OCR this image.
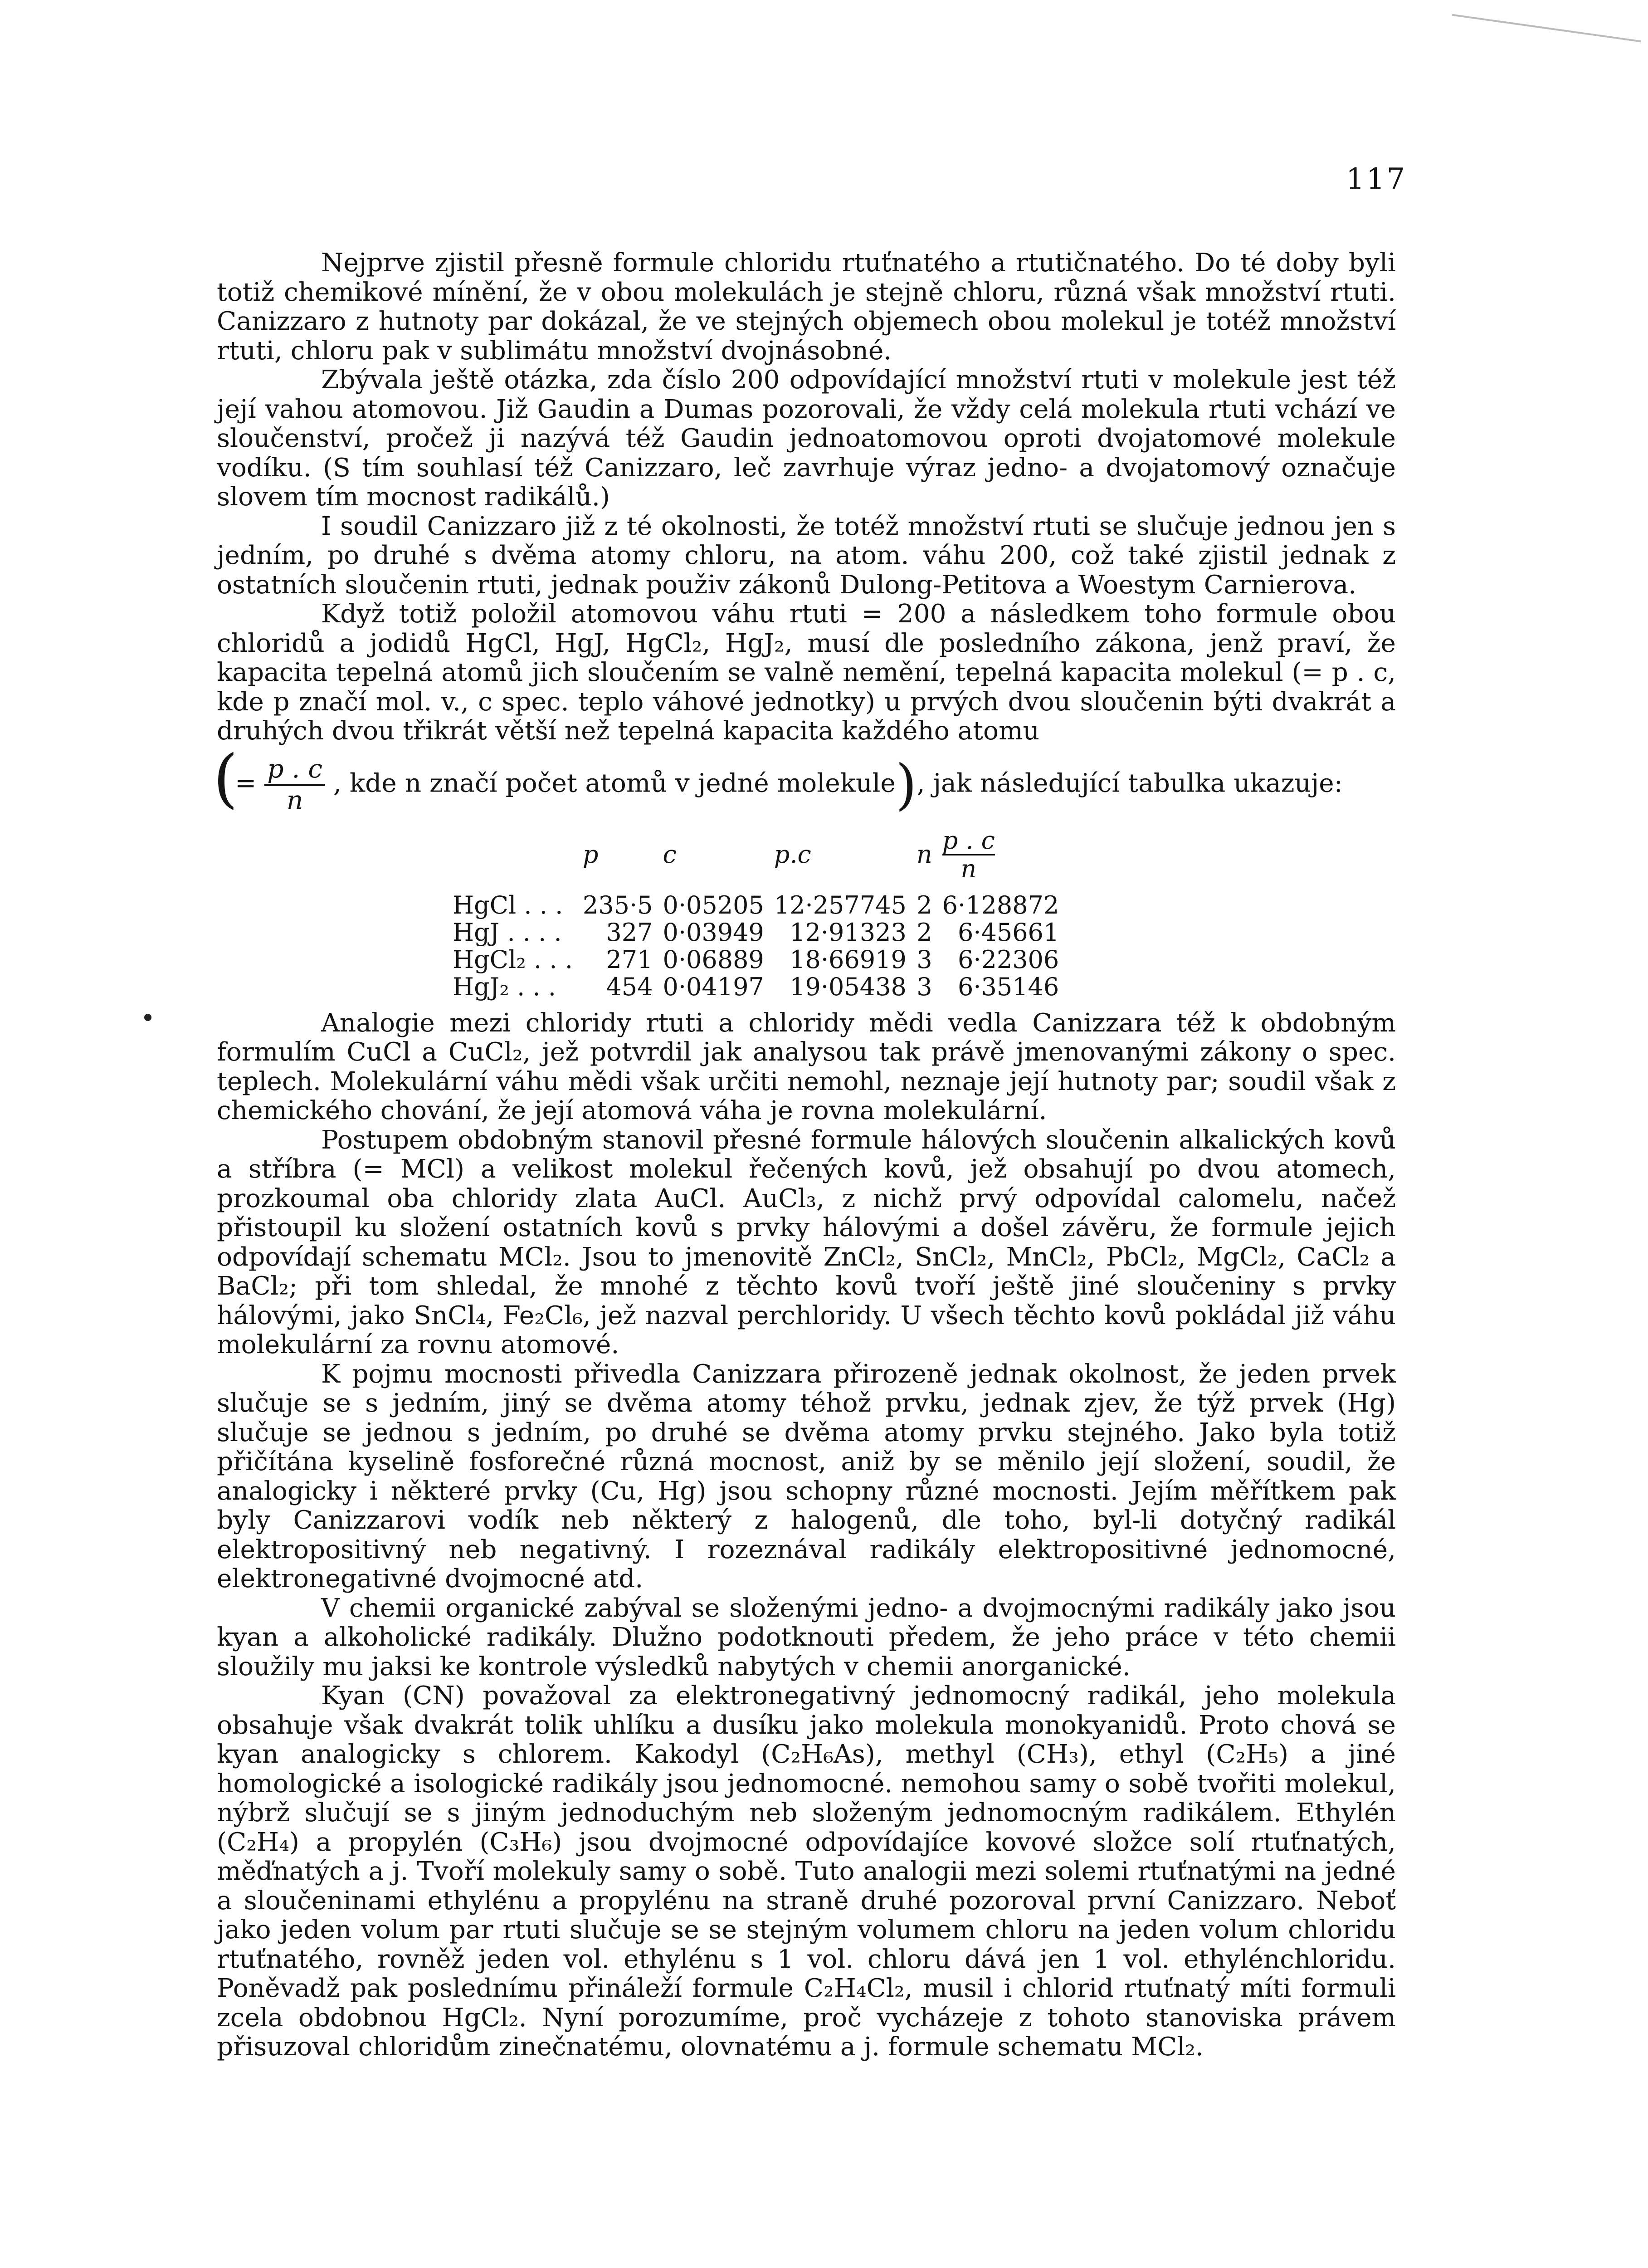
117

Nejprve zjistil přesně formule chloridu rtuťnatého a rtutičnatého. Do té doby byli totiž chemikové mínění, že v obou molekulách je stejně chloru, různá však množství rtuti. Canizzaro z hutnoty par dokázal, že ve stejných objemech obou molekul je totéž množství rtuti, chloru pak v sublimátu množství dvojnásobné.

Zbývala ještě otázka, zda číslo 200 odpovídající množství rtuti v molekule jest též její vahou atomovou. Již Gaudin a Dumas pozorovali, že vždy celá molekula rtuti vchází ve sloučenství, pročež ji nazývá též Gaudin jednoatomovou oproti dvojatomové molekule vodíku. (S tím souhlasí též Canizzaro, leč zavrhuje výraz jedno- a dvojatomový označuje slovem tím mocnost radikálů.)

I soudil Canizzaro již z té okolnosti, že totéž množství rtuti se slučuje jednou jen s jedním, po druhé s dvěma atomy chloru, na atom. váhu 200, což také zjistil jednak z ostatních sloučenin rtuti, jednak použiv zákonů Dulong-Petitova a Woestym Carnierova.

Když totiž položil atomovou váhu rtuti = 200 a následkem toho formule obou chloridů a jodidů HgCl, HgJ, HgCl₂, HgJ₂, musí dle posledního zákona, jenž praví, že kapacita tepelná atomů jich sloučením se valně nemění, tepelná kapacita molekul (= p . c, kde p značí mol. v., c spec. teplo váhové jednotky) u prvých dvou sloučenin býti dvakrát a druhých dvou třikrát větší než tepelná kapacita každého atomu

(
= $\frac{p . c}{n}$ , kde n značí počet atomů v jedné molekule), jak následující tabulka ukazuje:
	p	c	p.c	n	$\frac{p . c}{n}$

HgCl . . .	235·5	0·05205	12·257745	2	6·128872
HgJ . . . .	327	0·03949	12·91323	2	6·45661
HgCl₂ . . .	271	0·06889	18·66919	3	6·22306
HgJ₂ . . .	454	0·04197	19·05438	3	6·35146

Analogie mezi chloridy rtuti a chloridy mědi vedla Canizzara též k obdobným formulím CuCl a CuCl₂, jež potvrdil jak analysou tak právě jmenovanými zákony o spec. teplech. Molekulární váhu mědi však určiti nemohl, neznaje její hutnoty par; soudil však z chemického chování, že její atomová váha je rovna molekulární.

Postupem obdobným stanovil přesné formule hálových sloučenin alkalických kovů a stříbra (= MCl) a velikost molekul řečených kovů, jež obsahují po dvou atomech, prozkoumal oba chloridy zlata AuCl. AuCl₃, z nichž prvý odpovídal calomelu, načež přistoupil ku složení ostatních kovů s prvky hálovými a došel závěru, že formule jejich odpovídají schematu MCl₂. Jsou to jmenovitě ZnCl₂, SnCl₂, MnCl₂, PbCl₂, MgCl₂, CaCl₂ a BaCl₂; při tom shledal, že mnohé z těchto kovů tvoří ještě jiné sloučeniny s prvky hálovými, jako SnCl₄, Fe₂Cl₆, jež nazval perchloridy. U všech těchto kovů pokládal již váhu molekulární za rovnu atomové.

K pojmu mocnosti přivedla Canizzara přirozeně jednak okolnost, že jeden prvek slučuje se s jedním, jiný se dvěma atomy téhož prvku, jednak zjev, že týž prvek (Hg) slučuje se jednou s jedním, po druhé se dvěma atomy prvku stejného. Jako byla totiž přičítána kyselině fosforečné různá mocnost, aniž by se měnilo její složení, soudil, že analogicky i některé prvky (Cu, Hg) jsou schopny různé mocnosti. Jejím měřítkem pak byly Canizzarovi vodík neb některý z halogenů, dle toho, byl-li dotyčný radikál elektropositivný neb negativný. I rozeznával radikály elektropositivné jednomocné, elektronegativné dvojmocné atd.

V chemii organické zabýval se složenými jedno- a dvojmocnými radikály jako jsou kyan a alkoholické radikály. Dlužno podotknouti předem, že jeho práce v této chemii sloužily mu jaksi ke kontrole výsledků nabytých v chemii anorganické.

Kyan (CN) považoval za elektronegativný jednomocný radikál, jeho molekula obsahuje však dvakrát tolik uhlíku a dusíku jako molekula monokyanidů. Proto chová se kyan analogicky s chlorem. Kakodyl (C₂H₆As), methyl (CH₃), ethyl (C₂H₅) a jiné homologické a isologické radikály jsou jednomocné. nemohou samy o sobě tvořiti molekul, nýbrž slučují se s jiným jednoduchým neb složeným jednomocným radikálem. Ethylén (C₂H₄) a propylén (C₃H₆) jsou dvojmocné odpovídajíce kovové složce solí rtuťnatých, měďnatých a j. Tvoří molekuly samy o sobě. Tuto analogii mezi solemi rtuťnatými na jedné a sloučeninami ethylénu a propylénu na straně druhé pozoroval první Canizzaro. Neboť jako jeden volum par rtuti slučuje se se stejným volumem chloru na jeden volum chloridu rtuťnatého, rovněž jeden vol. ethylénu s 1 vol. chloru dává jen 1 vol. ethylénchloridu. Poněvadž pak poslednímu přináleží formule C₂H₄Cl₂, musil i chlorid rtuťnatý míti formuli zcela obdobnou HgCl₂. Nyní porozumíme, proč vycházeje z tohoto stanoviska právem přisuzoval chloridům zinečnatému, olovnatému a j. formule schematu MCl₂.
